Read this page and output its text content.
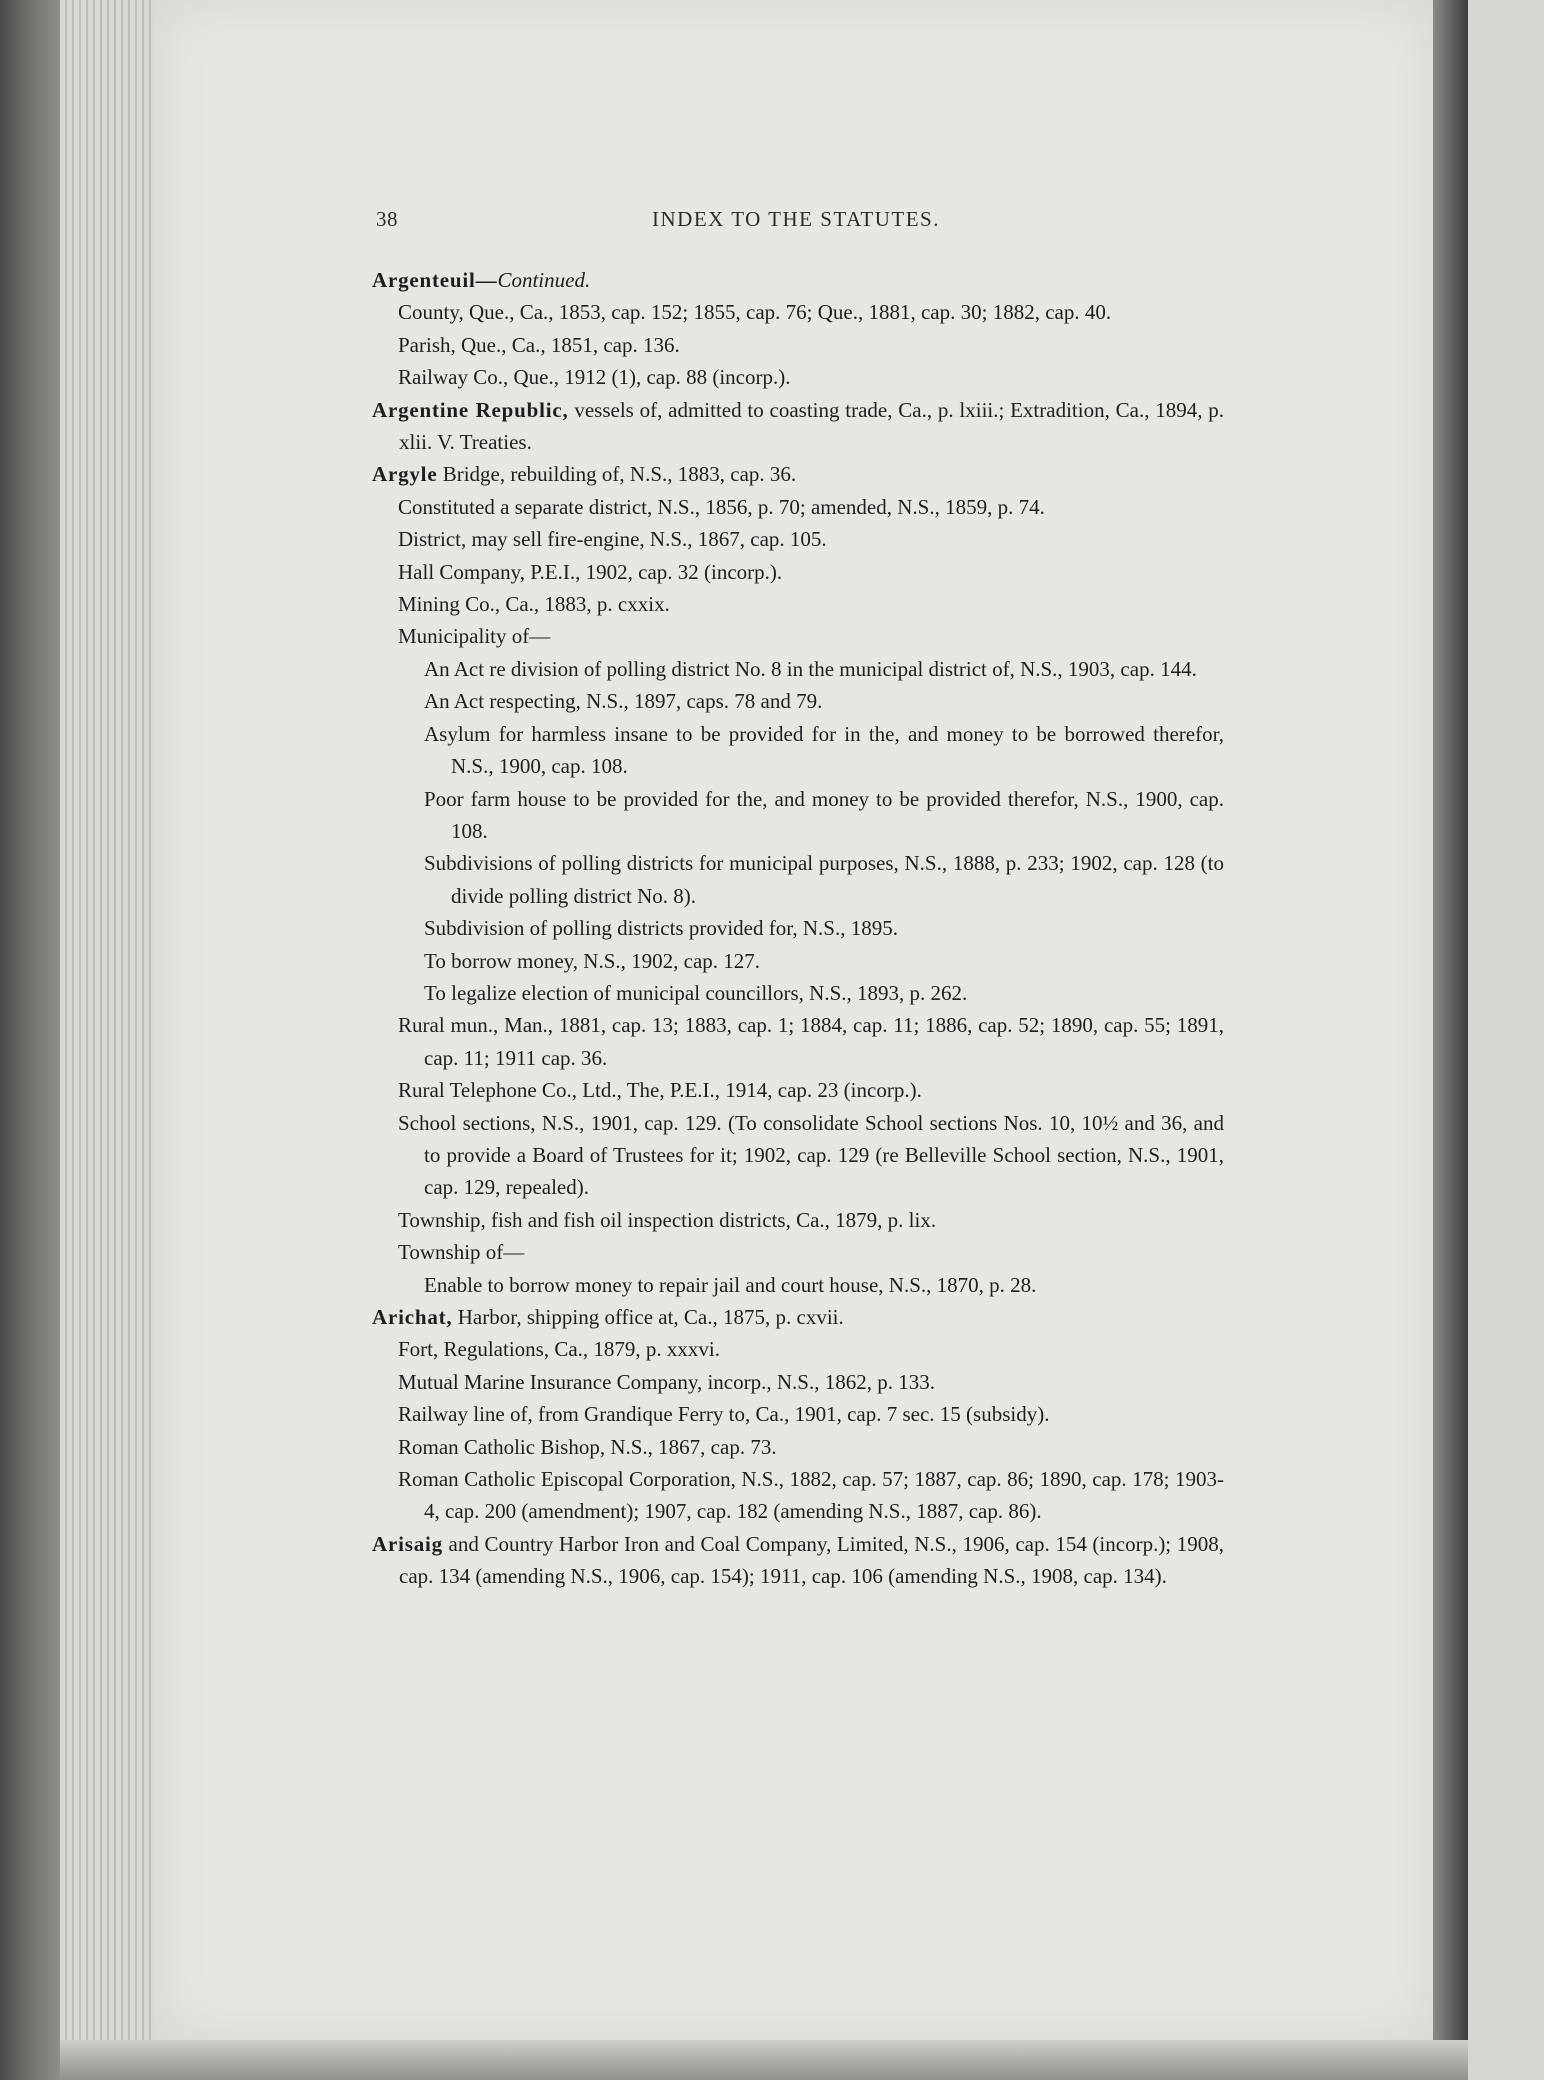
38	INDEX TO THE STATUTES.

Argenteuil—Continued.

County, Que., Ca., 1853, cap. 152; 1855, cap. 76; Que., 1881, cap. 30; 1882, cap. 40.

Parish, Que., Ca., 1851, cap. 136.

Railway Co., Que., 1912 (1), cap. 88 (incorp.).

Argentine Republic, vessels of, admitted to coasting trade, Ca., p. lxiii.; Extradition, Ca., 1894, p. xlii. V. Treaties.

Argyle Bridge, rebuilding of, N.S., 1883, cap. 36.

Constituted a separate district, N.S., 1856, p. 70; amended, N.S., 1859, p. 74.

District, may sell fire-engine, N.S., 1867, cap. 105.

Hall Company, P.E.I., 1902, cap. 32 (incorp.).

Mining Co., Ca., 1883, p. cxxix.

Municipality of—

An Act re division of polling district No. 8 in the municipal district of, N.S., 1903, cap. 144.

An Act respecting, N.S., 1897, caps. 78 and 79.

Asylum for harmless insane to be provided for in the, and money to be borrowed therefor, N.S., 1900, cap. 108.

Poor farm house to be provided for the, and money to be provided therefor, N.S., 1900, cap. 108.

Subdivisions of polling districts for municipal purposes, N.S., 1888, p. 233; 1902, cap. 128 (to divide polling district No. 8).

Subdivision of polling districts provided for, N.S., 1895.

To borrow money, N.S., 1902, cap. 127.

To legalize election of municipal councillors, N.S., 1893, p. 262.

Rural mun., Man., 1881, cap. 13; 1883, cap. 1; 1884, cap. 11; 1886, cap. 52; 1890, cap. 55; 1891, cap. 11; 1911 cap. 36.

Rural Telephone Co., Ltd., The, P.E.I., 1914, cap. 23 (incorp.).

School sections, N.S., 1901, cap. 129. (To consolidate School sections Nos. 10, 10½ and 36, and to provide a Board of Trustees for it; 1902, cap. 129 (re Belleville School section, N.S., 1901, cap. 129, repealed).

Township, fish and fish oil inspection districts, Ca., 1879, p. lix.

Township of—

Enable to borrow money to repair jail and court house, N.S., 1870, p. 28.

Arichat, Harbor, shipping office at, Ca., 1875, p. cxvii.

Fort, Regulations, Ca., 1879, p. xxxvi.

Mutual Marine Insurance Company, incorp., N.S., 1862, p. 133.

Railway line of, from Grandique Ferry to, Ca., 1901, cap. 7 sec. 15 (subsidy).

Roman Catholic Bishop, N.S., 1867, cap. 73.

Roman Catholic Episcopal Corporation, N.S., 1882, cap. 57; 1887, cap. 86; 1890, cap. 178; 1903-4, cap. 200 (amendment); 1907, cap. 182 (amending N.S., 1887, cap. 86).

Arisaig and Country Harbor Iron and Coal Company, Limited, N.S., 1906, cap. 154 (incorp.); 1908, cap. 134 (amending N.S., 1906, cap. 154); 1911, cap. 106 (amending N.S., 1908, cap. 134).
